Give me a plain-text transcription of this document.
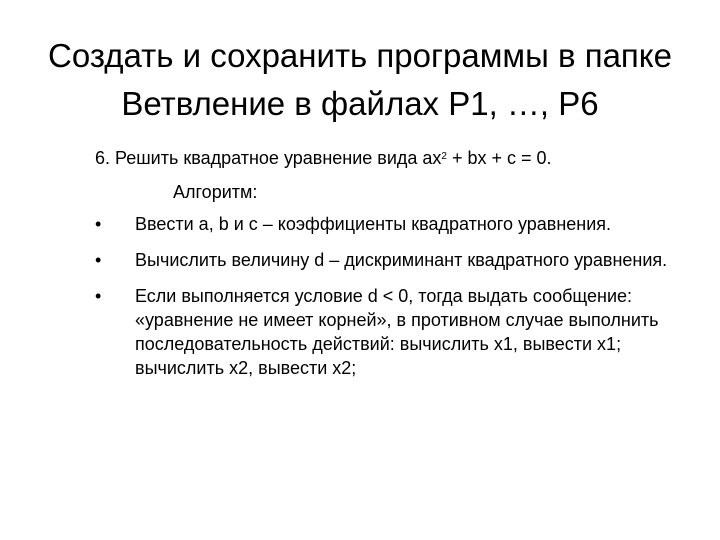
Создать и сохранить программы в папке Ветвление в файлах Р1, …, Р6
6. Решить квадратное уравнение вида $ax^2$ + bx + c = 0.
Алгоритм:
•	Ввести a, b и c – коэффициенты квадратного уравнения.
•	Вычислить величину d – дискриминант квадратного уравнения.
•	Если выполняется условие d < 0, тогда выдать сообщение: «уравнение не имеет корней», в противном случае выполнить последовательность действий: вычислить x1, вывести x1; вычислить x2, вывести x2;
